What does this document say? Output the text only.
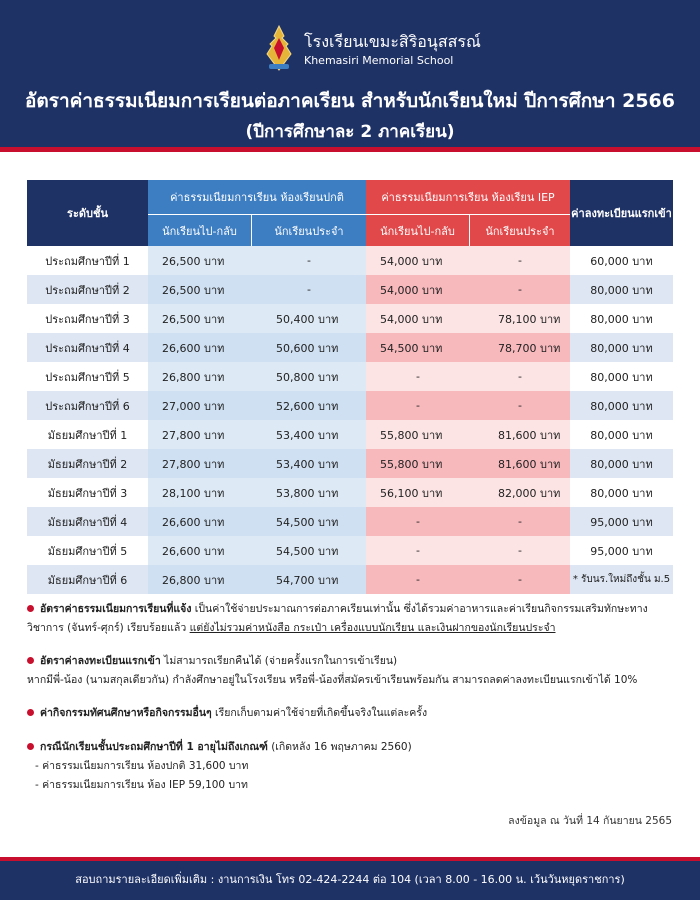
โรงเรียนเขมะสิริอนุสสรณ์
Khemasiri Memorial School
อัตราค่าธรรมเนียมการเรียนต่อภาคเรียน สำหรับนักเรียนใหม่ ปีการศึกษา 2566
(ปีการศึกษาละ 2 ภาคเรียน)
ระดับชั้น
ค่าธรรมเนียมการเรียน ห้องเรียนปกติ	ค่าธรรมเนียมการเรียน ห้องเรียน IEP
ค่าลงทะเบียนแรกเข้า
นักเรียนไป-กลับ	นักเรียนประจำ	นักเรียนไป-กลับ	นักเรียนประจำ
ประถมศึกษาปีที่ 1	26,500 บาท	-	54,000 บาท	-	60,000 บาท
ประถมศึกษาปีที่ 2	26,500 บาท	-	54,000 บาท	-	80,000 บาท
ประถมศึกษาปีที่ 3	26,500 บาท	50,400 บาท	54,000 บาท	78,100 บาท	80,000 บาท
ประถมศึกษาปีที่ 4	26,600 บาท	50,600 บาท	54,500 บาท	78,700 บาท	80,000 บาท
ประถมศึกษาปีที่ 5	26,800 บาท	50,800 บาท	-	-	80,000 บาท
ประถมศึกษาปีที่ 6	27,000 บาท	52,600 บาท	-	-	80,000 บาท
มัธยมศึกษาปีที่ 1	27,800 บาท	53,400 บาท	55,800 บาท	81,600 บาท	80,000 บาท
มัธยมศึกษาปีที่ 2	27,800 บาท	53,400 บาท	55,800 บาท	81,600 บาท	80,000 บาท
มัธยมศึกษาปีที่ 3	28,100 บาท	53,800 บาท	56,100 บาท	82,000 บาท	80,000 บาท
มัธยมศึกษาปีที่ 4	26,600 บาท	54,500 บาท	-	-	95,000 บาท
มัธยมศึกษาปีที่ 5	26,600 บาท	54,500 บาท	-	-	95,000 บาท
มัธยมศึกษาปีที่ 6	26,800 บาท	54,700 บาท	-	-	* รับนร.ใหม่ถึงชั้น ม.5
อัตราค่าธรรมเนียมการเรียนที่แจ้ง เป็นค่าใช้จ่ายประมาณการต่อภาคเรียนเท่านั้น ซึ่งได้รวมค่าอาหารและค่าเรียนกิจกรรมเสริมทักษะทาง
วิชาการ (จันทร์-ศุกร์) เรียบร้อยแล้ว แต่ยังไม่รวมค่าหนังสือ กระเป๋า เครื่องแบบนักเรียน และเงินฝากของนักเรียนประจำ
อัตราค่าลงทะเบียนแรกเข้า ไม่สามารถเรียกคืนได้ (จ่ายครั้งแรกในการเข้าเรียน)
หากมีพี่-น้อง (นามสกุลเดียวกัน) กำลังศึกษาอยู่ในโรงเรียน หรือพี่-น้องที่สมัครเข้าเรียนพร้อมกัน สามารถลดค่าลงทะเบียนแรกเข้าได้ 10%
ค่ากิจกรรมทัศนศึกษาหรือกิจกรรมอื่นๆ เรียกเก็บตามค่าใช้จ่ายที่เกิดขึ้นจริงในแต่ละครั้ง
กรณีนักเรียนชั้นประถมศึกษาปีที่ 1 อายุไม่ถึงเกณฑ์ (เกิดหลัง 16 พฤษภาคม 2560)
- ค่าธรรมเนียมการเรียน ห้องปกติ 31,600 บาท
- ค่าธรรมเนียมการเรียน ห้อง IEP 59,100 บาท
ลงข้อมูล ณ วันที่ 14 กันยายน 2565
สอบถามรายละเอียดเพิ่มเติม : งานการเงิน โทร 02-424-2244 ต่อ 104 (เวลา 8.00 - 16.00 น. เว้นวันหยุดราชการ)
